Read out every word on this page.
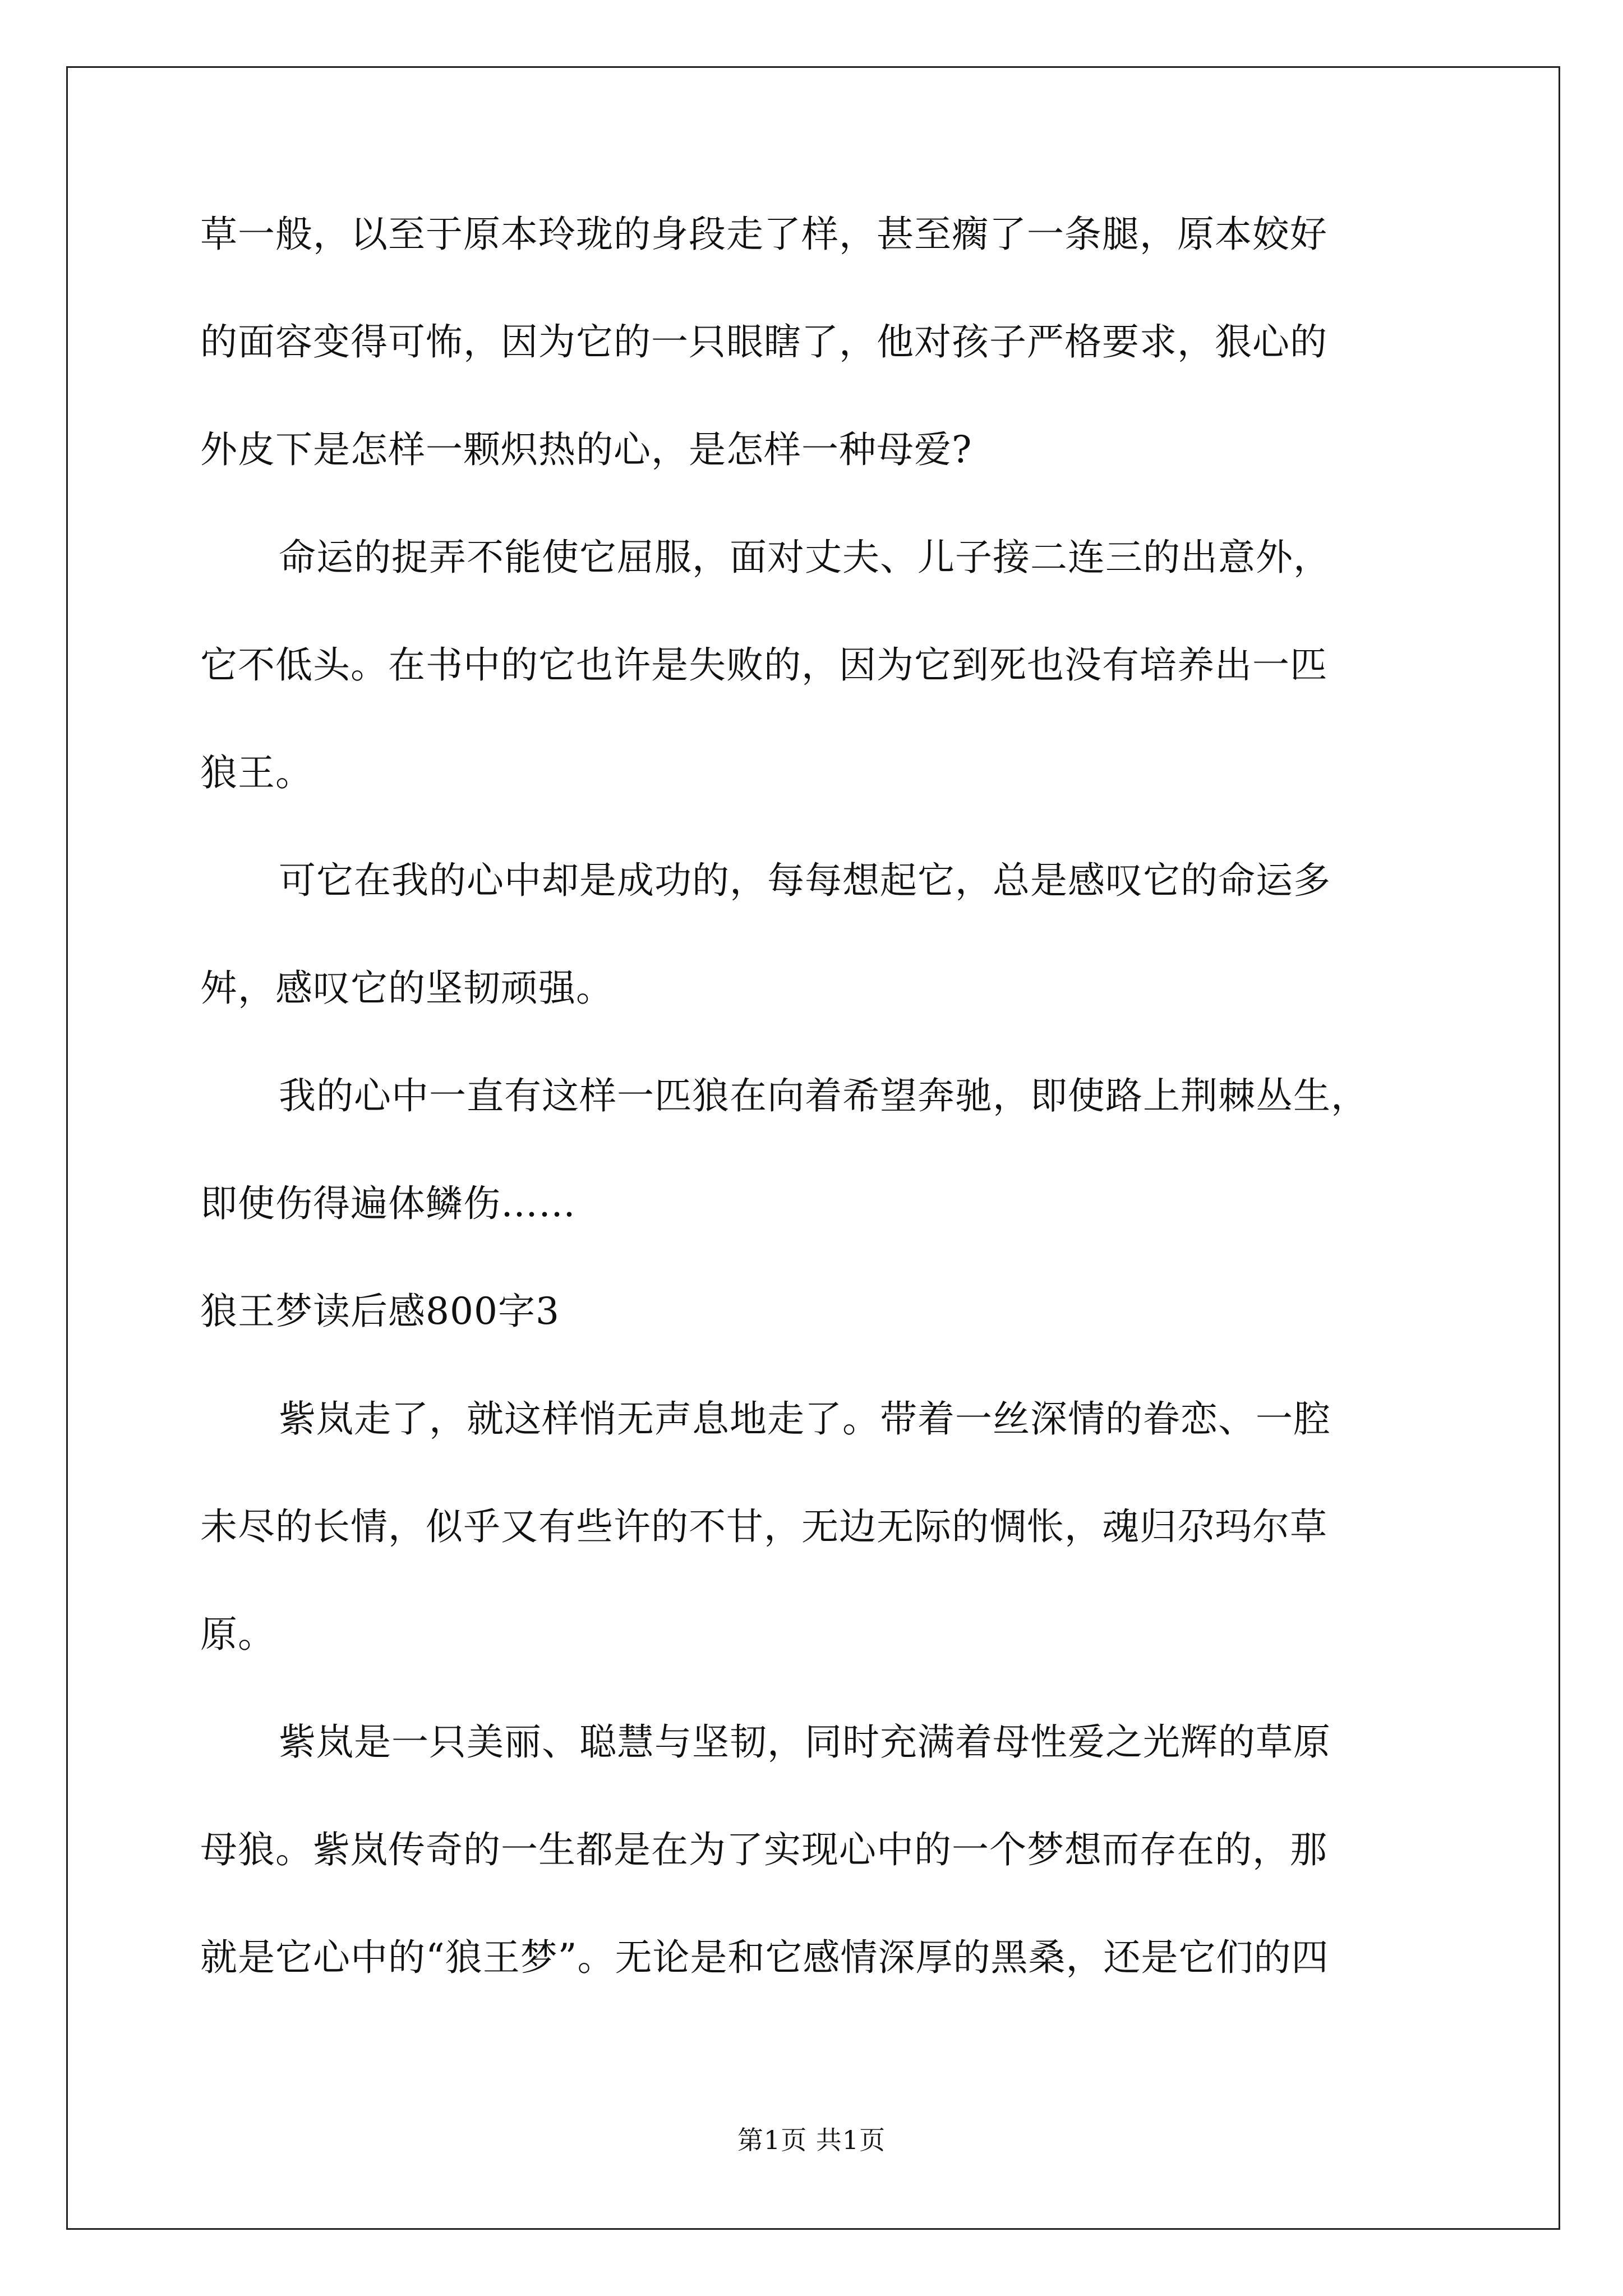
草一般，以至于原本玲珑的身段走了样，甚至瘸了一条腿，原本姣好
的面容变得可怖，因为它的一只眼瞎了，他对孩子严格要求，狠心的
外皮下是怎样一颗炽热的心，是怎样一种母爱?
命运的捉弄不能使它屈服，面对丈夫、儿子接二连三的出意外，
它不低头。在书中的它也许是失败的，因为它到死也没有培养出一匹
狼王。
可它在我的心中却是成功的，每每想起它，总是感叹它的命运多
舛，感叹它的坚韧顽强。
我的心中一直有这样一匹狼在向着希望奔驰，即使路上荆棘丛生，
即使伤得遍体鳞伤……
狼王梦读后感800字3
紫岚走了，就这样悄无声息地走了。带着一丝深情的眷恋、一腔
未尽的长情，似乎又有些许的不甘，无边无际的惆怅，魂归尕玛尔草
原。
紫岚是一只美丽、聪慧与坚韧，同时充满着母性爱之光辉的草原
母狼。紫岚传奇的一生都是在为了实现心中的一个梦想而存在的，那
就是它心中的“狼王梦”。无论是和它感情深厚的黑桑，还是它们的四
第1页 共1页
